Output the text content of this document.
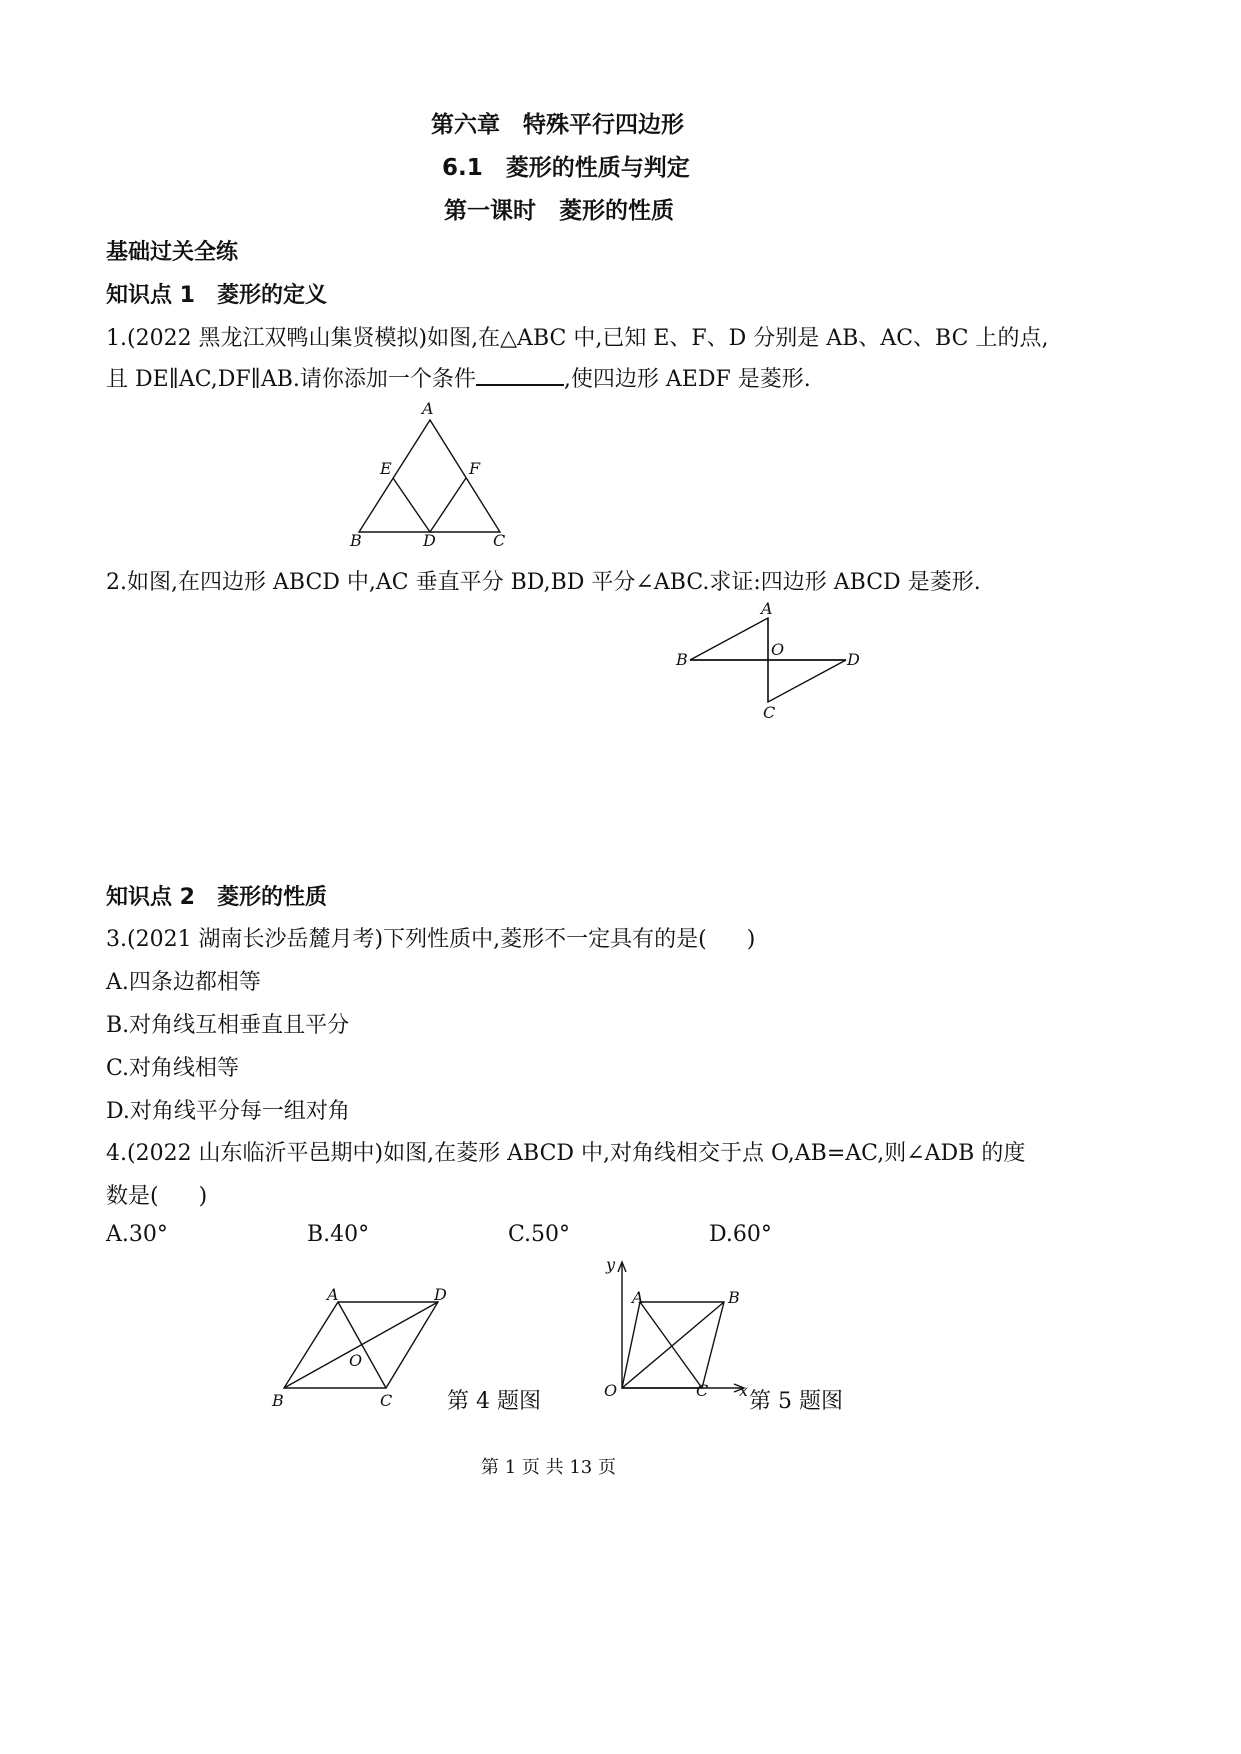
第六章　特殊平行四边形
6.1　菱形的性质与判定
第一课时　菱形的性质
基础过关全练
知识点 1　菱形的定义
1.(2022 黑龙江双鸭山集贤模拟)如图,在△ABC 中,已知 E、F、D 分别是 AB、AC、BC 上的点,
且 DE∥AC,DF∥AB.请你添加一个条件	,使四边形 AEDF 是菱形.
A
E	F
B	D	C
2.如图,在四边形 ABCD 中,AC 垂直平分 BD,BD 平分∠ABC.求证:四边形 ABCD 是菱形.
A
B
O
D
C
知识点 2　菱形的性质
3.(2021 湖南长沙岳麓月考)下列性质中,菱形不一定具有的是( )
A.四条边都相等
B.对角线互相垂直且平分
C.对角线相等
D.对角线平分每一组对角
4.(2022 山东临沂平邑期中)如图,在菱形 ABCD 中,对角线相交于点 O,AB=AC,则∠ADB 的度
数是( )
A.30°	B.40°	C.50°	D.60°
A	D
O
B	C 第 4 题图
y
A	B
O	C x 第 5 题图
第 1 页 共 13 页
